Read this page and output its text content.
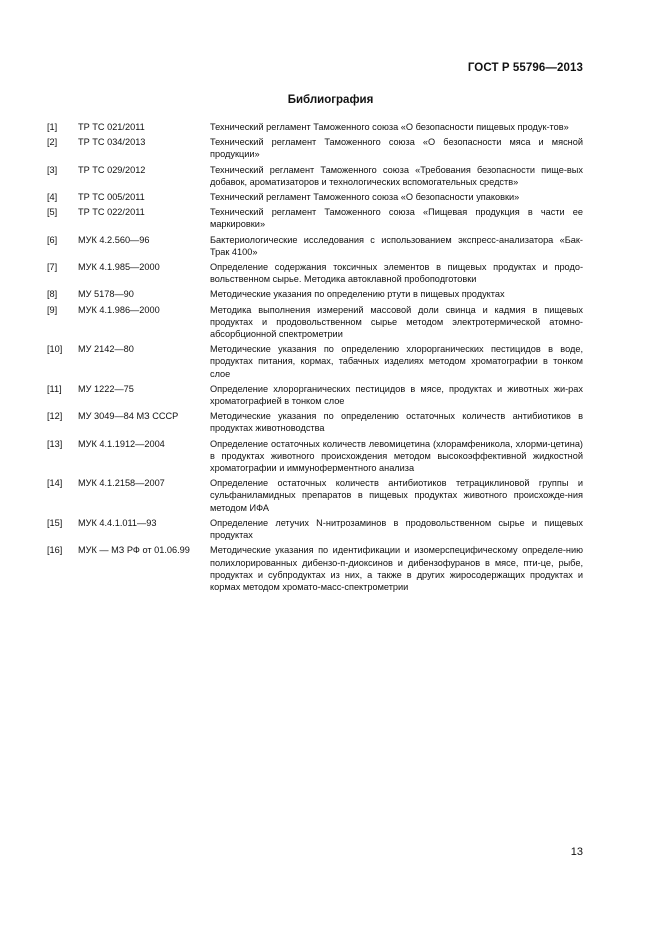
ГОСТ Р 55796—2013
Библиография
[1]	ТР ТС 021/2011	Технический регламент Таможенного союза «О безопасности пищевых продук-тов»
[2]	ТР ТС 034/2013	Технический регламент Таможенного союза «О безопасности мяса и мясной продукции»
[3]	ТР ТС 029/2012	Технический регламент Таможенного союза «Требования безопасности пище-вых добавок, ароматизаторов и технологических вспомогательных средств»
[4]	ТР ТС 005/2011	Технический регламент Таможенного союза «О безопасности упаковки»
[5]	ТР ТС 022/2011	Технический регламент Таможенного союза «Пищевая продукция в части ее маркировки»
[6]	МУК 4.2.560—96	Бактериологические исследования с использованием экспресс-анализатора «Бак-Трак 4100»
[7]	МУК 4.1.985—2000	Определение содержания токсичных элементов в пищевых продуктах и продо-вольственном сырье. Методика автоклавной пробоподготовки
[8]	МУ 5178—90	Методические указания по определению ртути в пищевых продуктах
[9]	МУК 4.1.986—2000	Методика выполнения измерений массовой доли свинца и кадмия в пищевых продуктах и продовольственном сырье методом электротермической атомно-абсорбционной спектрометрии
[10]	МУ 2142—80	Методические указания по определению хлорорганических пестицидов в воде, продуктах питания, кормах, табачных изделиях методом хроматографии в тонком слое
[11]	МУ 1222—75	Определение хлорорганических пестицидов в мясе, продуктах и животных жи-рах хроматографией в тонком слое
[12]	МУ 3049—84 МЗ СССР	Методические указания по определению остаточных количеств антибиотиков в продуктах животноводства
[13]	МУК 4.1.1912—2004	Определение остаточных количеств левомицетина (хлорамфеникола, хлорми-цетина) в продуктах животного происхождения методом высокоэффективной жидкостной хроматографии и иммуноферментного анализа
[14]	МУК 4.1.2158—2007	Определение остаточных количеств антибиотиков тетрациклиновой группы и сульфаниламидных препаратов в пищевых продуктах животного происхожде-ния методом ИФА
[15]	МУК 4.4.1.011—93	Определение летучих N-нитрозаминов в продовольственном сырье и пищевых продуктах
[16]	МУК — МЗ РФ от 01.06.99	Методические указания по идентификации и изомерспецифическому определе-нию полихлорированных дибензо-п-диоксинов и дибензофуранов в мясе, пти-це, рыбе, продуктах и субпродуктах из них, а также в других жиросодержащих продуктах и кормах методом хромато-масс-спектрометрии
13
